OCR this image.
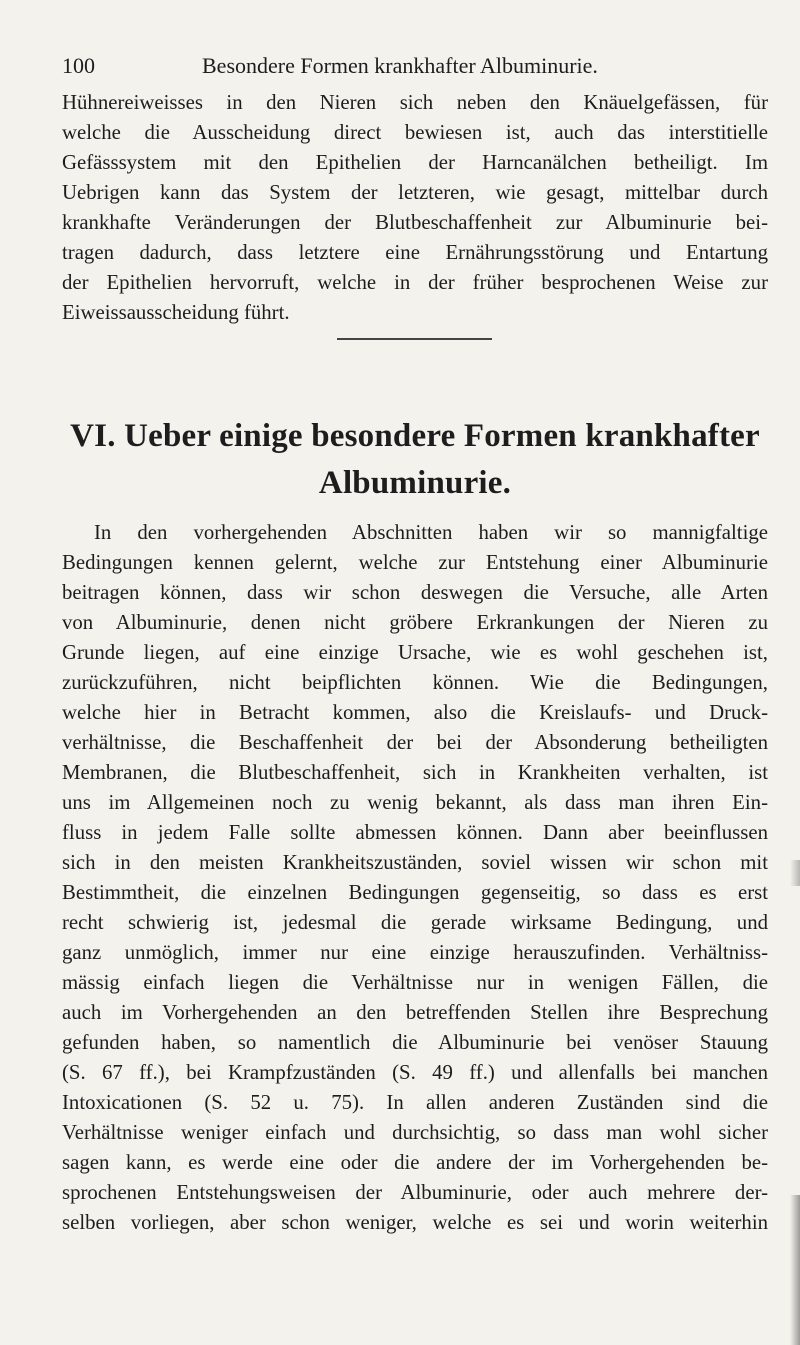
100	Besondere Formen krankhafter Albuminurie.
Hühnereiweisses in den Nieren sich neben den Knäuelgefässen, für
welche die Ausscheidung direct bewiesen ist, auch das interstitielle
Gefässsystem mit den Epithelien der Harncanälchen betheiligt. Im
Uebrigen kann das System der letzteren, wie gesagt, mittelbar durch
krankhafte Veränderungen der Blutbeschaffenheit zur Albuminurie bei-
tragen dadurch, dass letztere eine Ernährungsstörung und Entartung
der Epithelien hervorruft, welche in der früher besprochenen Weise zur
Eiweissausscheidung führt.
VI. Ueber einige besondere Formen krankhafter
Albuminurie.
In den vorhergehenden Abschnitten haben wir so mannigfaltige
Bedingungen kennen gelernt, welche zur Entstehung einer Albuminurie
beitragen können, dass wir schon deswegen die Versuche, alle Arten
von Albuminurie, denen nicht gröbere Erkrankungen der Nieren zu
Grunde liegen, auf eine einzige Ursache, wie es wohl geschehen ist,
zurückzuführen, nicht beipflichten können. Wie die Bedingungen,
welche hier in Betracht kommen, also die Kreislaufs- und Druck-
verhältnisse, die Beschaffenheit der bei der Absonderung betheiligten
Membranen, die Blutbeschaffenheit, sich in Krankheiten verhalten, ist
uns im Allgemeinen noch zu wenig bekannt, als dass man ihren Ein-
fluss in jedem Falle sollte abmessen können. Dann aber beeinflussen
sich in den meisten Krankheitszuständen, soviel wissen wir schon mit
Bestimmtheit, die einzelnen Bedingungen gegenseitig, so dass es erst
recht schwierig ist, jedesmal die gerade wirksame Bedingung, und
ganz unmöglich, immer nur eine einzige herauszufinden. Verhältniss-
mässig einfach liegen die Verhältnisse nur in wenigen Fällen, die
auch im Vorhergehenden an den betreffenden Stellen ihre Besprechung
gefunden haben, so namentlich die Albuminurie bei venöser Stauung
(S. 67 ff.), bei Krampfzuständen (S. 49 ff.) und allenfalls bei manchen
Intoxicationen (S. 52 u. 75). In allen anderen Zuständen sind die
Verhältnisse weniger einfach und durchsichtig, so dass man wohl sicher
sagen kann, es werde eine oder die andere der im Vorhergehenden be-
sprochenen Entstehungsweisen der Albuminurie, oder auch mehrere der-
selben vorliegen, aber schon weniger, welche es sei und worin weiterhin
